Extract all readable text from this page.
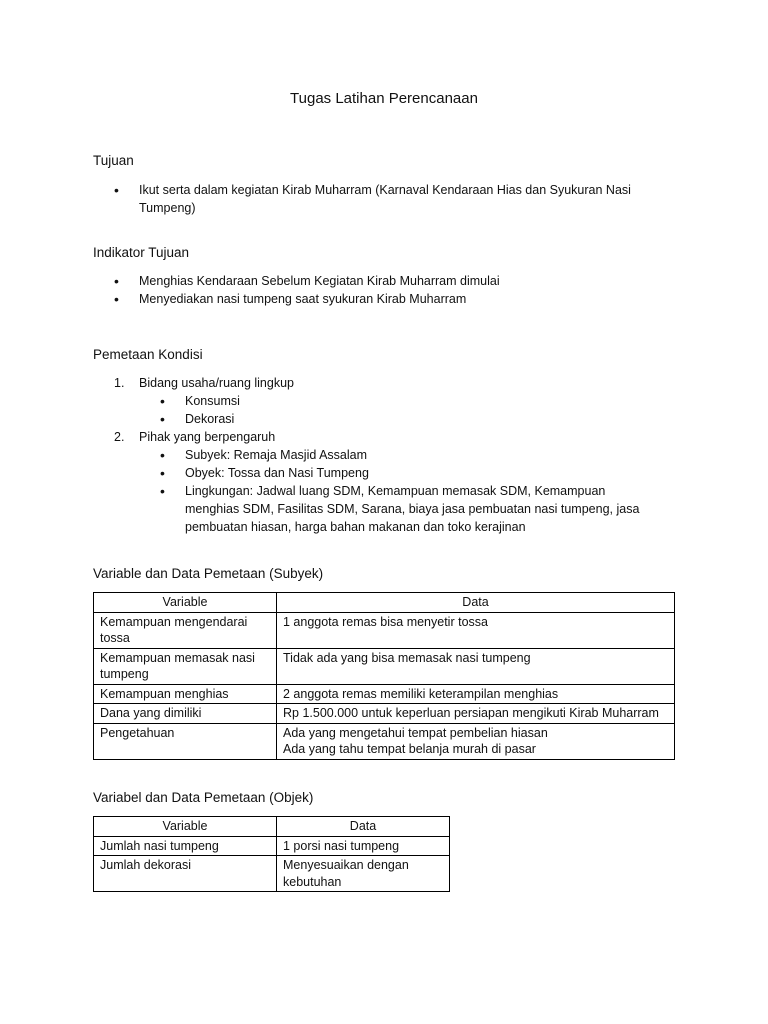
Tugas Latihan Perencanaan
Tujuan
• Ikut serta dalam kegiatan Kirab Muharram (Karnaval Kendaraan Hias dan Syukuran Nasi Tumpeng)
Indikator Tujuan
• Menghias Kendaraan Sebelum Kegiatan Kirab Muharram dimulai
• Menyediakan nasi tumpeng saat syukuran Kirab Muharram
Pemetaan Kondisi
1. Bidang usaha/ruang lingkup
• Konsumsi
• Dekorasi
2. Pihak yang berpengaruh
• Subyek: Remaja Masjid Assalam
• Obyek: Tossa dan Nasi Tumpeng
• Lingkungan: Jadwal luang SDM, Kemampuan memasak SDM, Kemampuan menghias SDM, Fasilitas SDM, Sarana, biaya jasa pembuatan nasi tumpeng, jasa pembuatan hiasan, harga bahan makanan dan toko kerajinan
Variable dan Data Pemetaan (Subyek)
Variable	Data
Kemampuan mengendarai tossa	1 anggota remas bisa menyetir tossa
Kemampuan memasak nasi tumpeng	Tidak ada yang bisa memasak nasi tumpeng
Kemampuan menghias	2 anggota remas memiliki keterampilan menghias
Dana yang dimiliki	Rp 1.500.000 untuk keperluan persiapan mengikuti Kirab Muharram
Pengetahuan	Ada yang mengetahui tempat pembelian hiasan
Ada yang tahu tempat belanja murah di pasar
Variabel dan Data Pemetaan (Objek)
Variable	Data
Jumlah nasi tumpeng	1 porsi nasi tumpeng
Jumlah dekorasi	Menyesuaikan dengan kebutuhan
